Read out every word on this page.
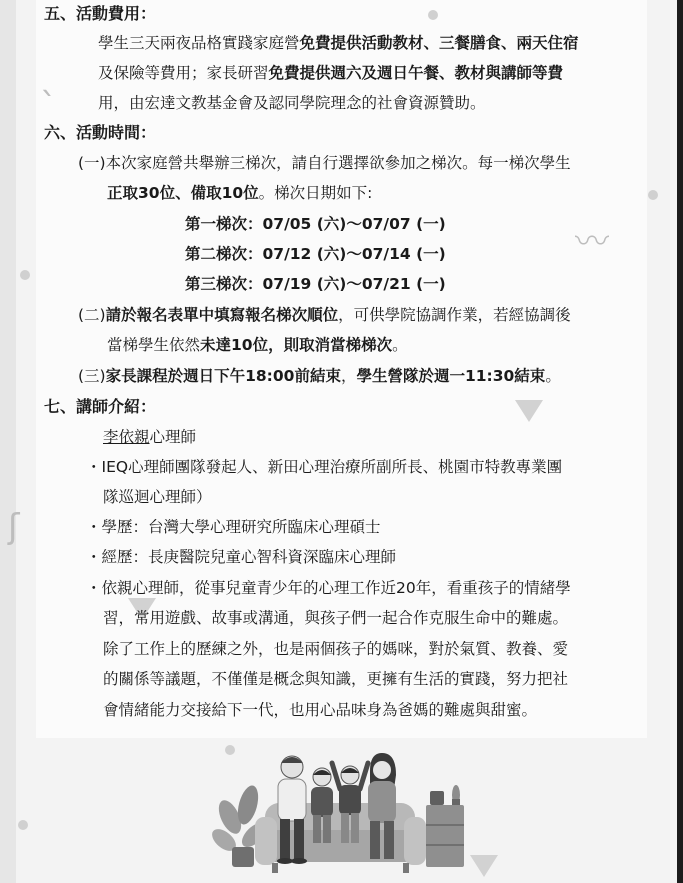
〰
ʃ
ˎ
五、活動費用：
學生三天兩夜品格實踐家庭營免費提供活動教材、三餐膳食、兩天住宿
及保險等費用；家長研習免費提供週六及週日午餐、教材與講師等費
用，由宏達文教基金會及認同學院理念的社會資源贊助。
六、活動時間：
(一)本次家庭營共舉辦三梯次，請自行選擇欲參加之梯次。每一梯次學生
正取30位、備取10位。梯次日期如下:
第一梯次：07/05 (六)～07/07 (一)
第二梯次：07/12 (六)～07/14 (一)
第三梯次：07/19 (六)～07/21 (一)
(二)請於報名表單中填寫報名梯次順位，可供學院協調作業，若經協調後
當梯學生依然未達10位，則取消當梯梯次。
(三)家長課程於週日下午18:00前結束，學生營隊於週一11:30結束。
七、講師介紹：
李依親心理師
・IEQ心理師團隊發起人、新田心理治療所副所長、桃園市特教專業團
隊巡迴心理師）
・學歷：台灣大學心理研究所臨床心理碩士
・經歷：長庚醫院兒童心智科資深臨床心理師
・依親心理師，從事兒童青少年的心理工作近20年，看重孩子的情緒學
習，常用遊戲、故事或溝通，與孩子們一起合作克服生命中的難處。
除了工作上的歷練之外，也是兩個孩子的媽咪，對於氣質、教養、愛
的關係等議題，不僅僅是概念與知識，更擁有生活的實踐，努力把社
會情緒能力交接給下一代，也用心品味身為爸媽的難處與甜蜜。
